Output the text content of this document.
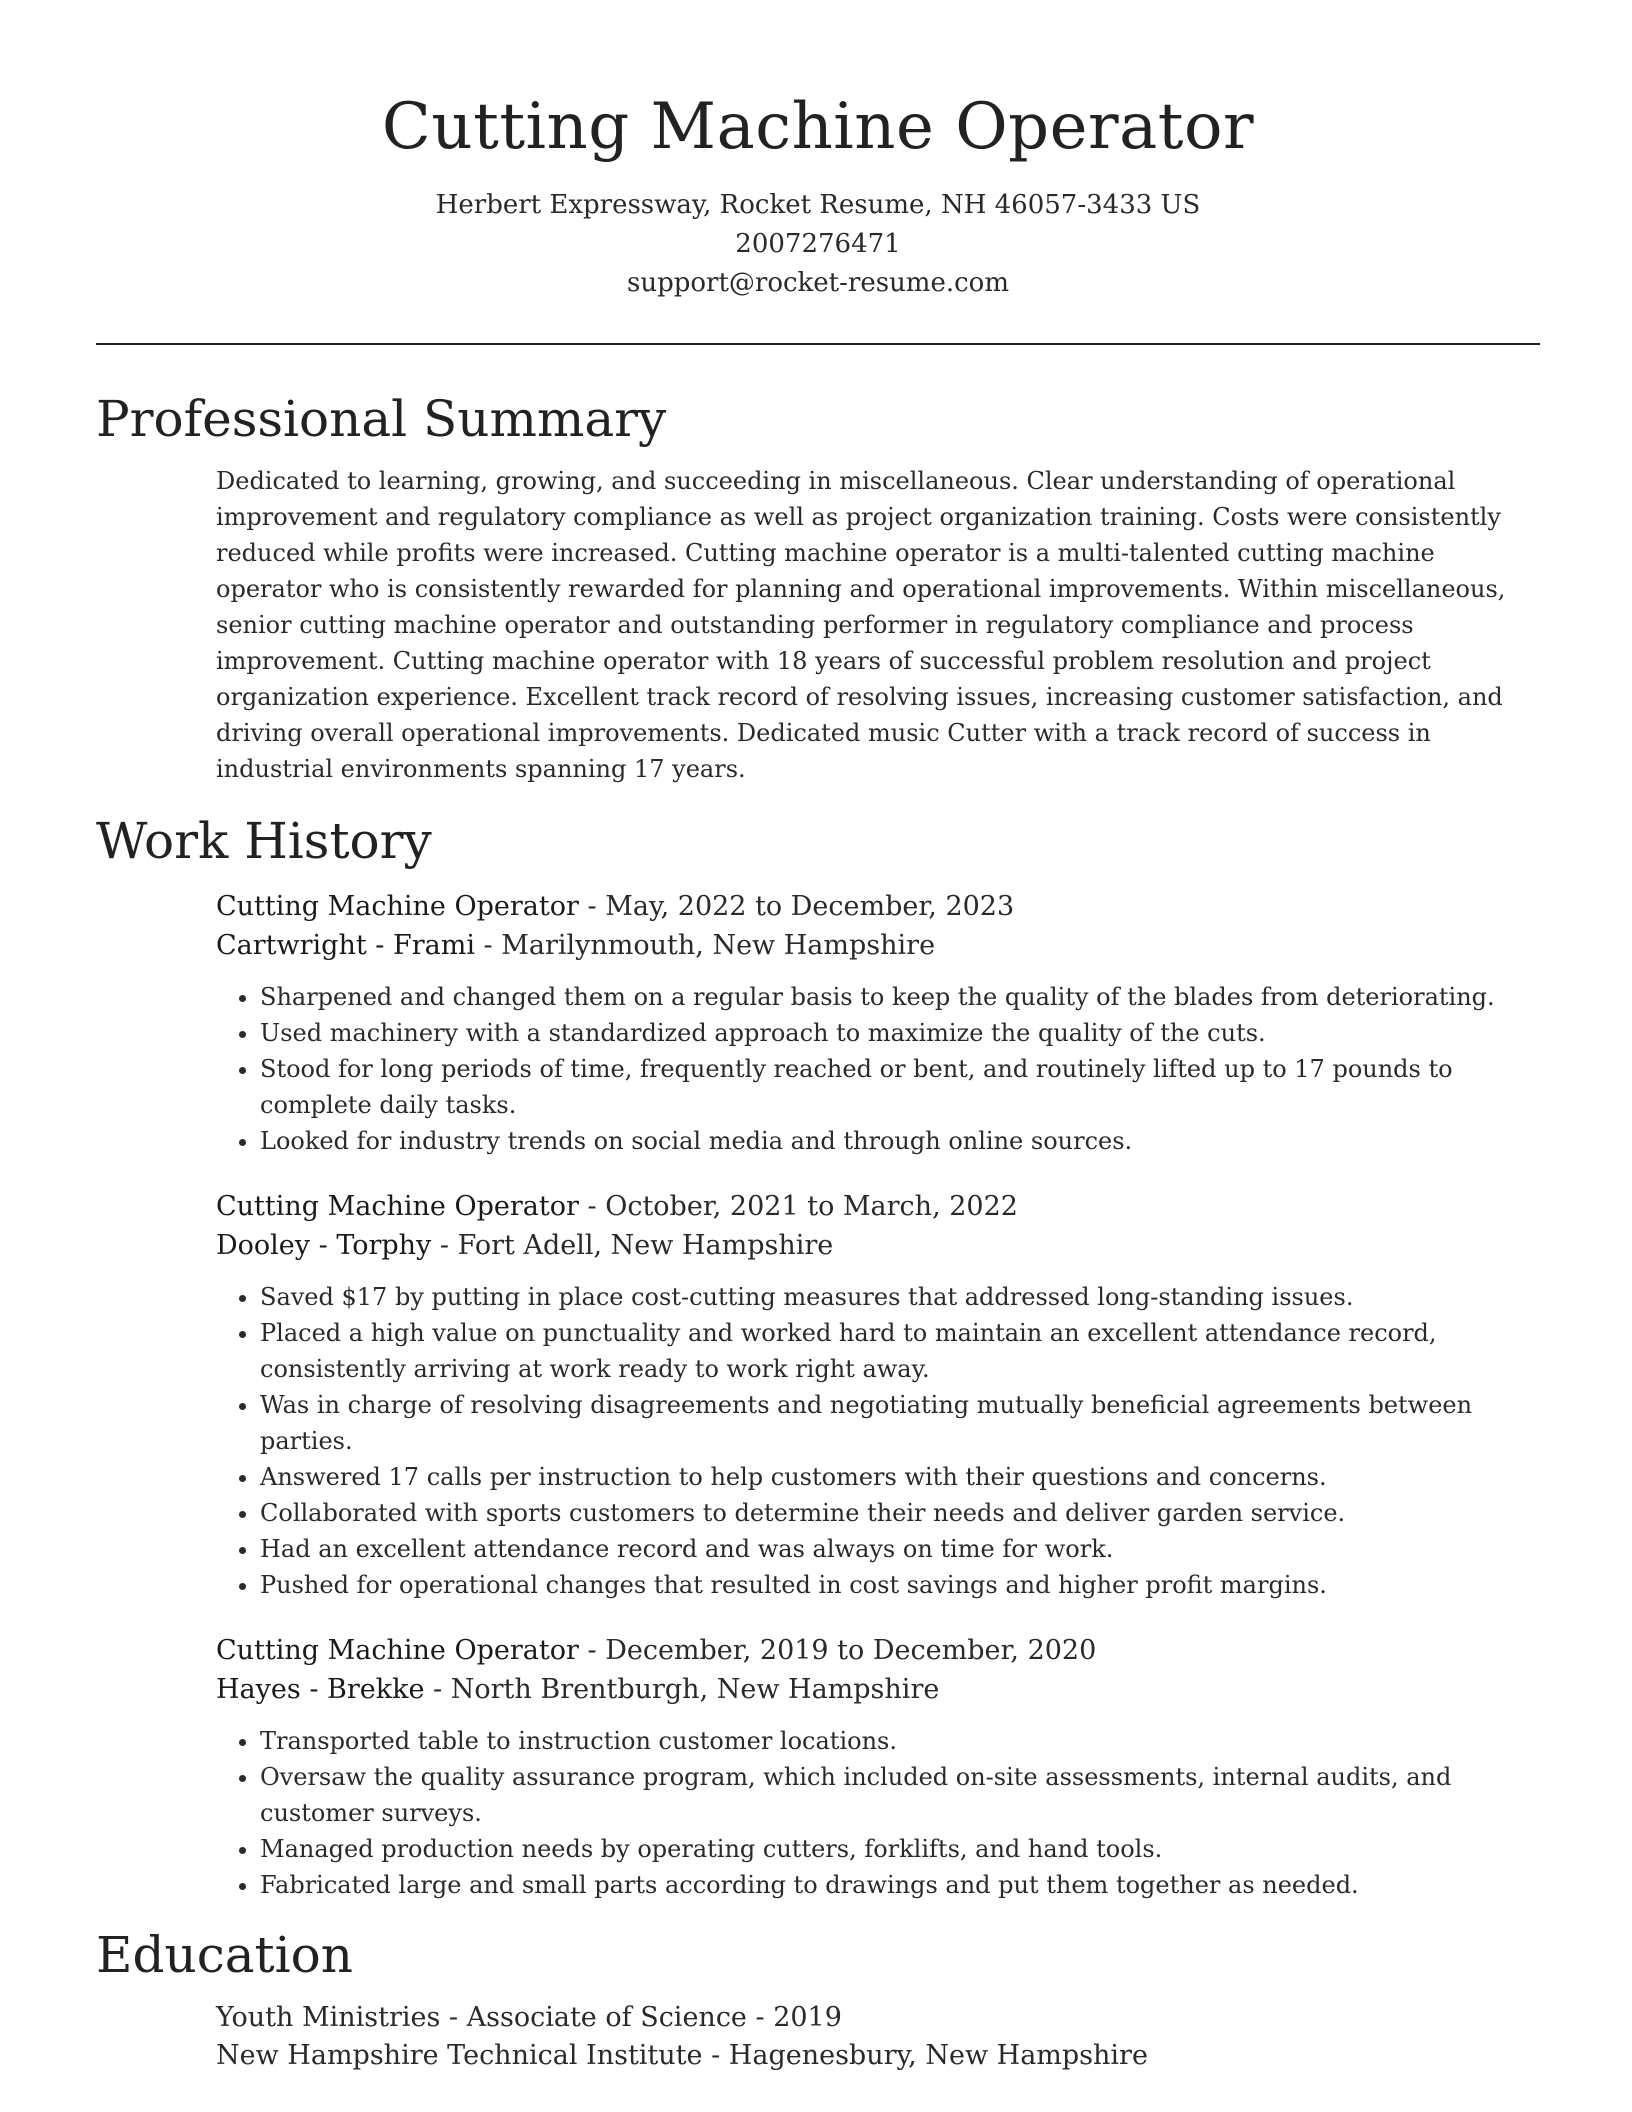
Cutting Machine Operator
Herbert Expressway, Rocket Resume, NH 46057-3433 US
2007276471
support@rocket-resume.com
Professional Summary

Dedicated to learning, growing, and succeeding in miscellaneous. Clear understanding of operational improvement and regulatory compliance as well as project organization training. Costs were consistently reduced while profits were increased. Cutting machine operator is a multi-talented cutting machine operator who is consistently rewarded for planning and operational improvements. Within miscellaneous, senior cutting machine operator and outstanding performer in regulatory compliance and process improvement. Cutting machine operator with 18 years of successful problem resolution and project organization experience. Excellent track record of resolving issues, increasing customer satisfaction, and driving overall operational improvements. Dedicated music Cutter with a track record of success in industrial environments spanning 17 years.

Work History
Cutting Machine Operator - May, 2022 to December, 2023
Cartwright - Frami - Marilynmouth, New Hampshire
• Sharpened and changed them on a regular basis to keep the quality of the blades from deteriorating.
• Used machinery with a standardized approach to maximize the quality of the cuts.
• Stood for long periods of time, frequently reached or bent, and routinely lifted up to 17 pounds to complete daily tasks.
• Looked for industry trends on social media and through online sources.
Cutting Machine Operator - October, 2021 to March, 2022
Dooley - Torphy - Fort Adell, New Hampshire
• Saved $17 by putting in place cost-cutting measures that addressed long-standing issues.
• Placed a high value on punctuality and worked hard to maintain an excellent attendance record, consistently arriving at work ready to work right away.
• Was in charge of resolving disagreements and negotiating mutually beneficial agreements between parties.
• Answered 17 calls per instruction to help customers with their questions and concerns.
• Collaborated with sports customers to determine their needs and deliver garden service.
• Had an excellent attendance record and was always on time for work.
• Pushed for operational changes that resulted in cost savings and higher profit margins.
Cutting Machine Operator - December, 2019 to December, 2020
Hayes - Brekke - North Brentburgh, New Hampshire
• Transported table to instruction customer locations.
• Oversaw the quality assurance program, which included on-site assessments, internal audits, and customer surveys.
• Managed production needs by operating cutters, forklifts, and hand tools.
• Fabricated large and small parts according to drawings and put them together as needed.
Education
Youth Ministries - Associate of Science - 2019
New Hampshire Technical Institute - Hagenesbury, New Hampshire
